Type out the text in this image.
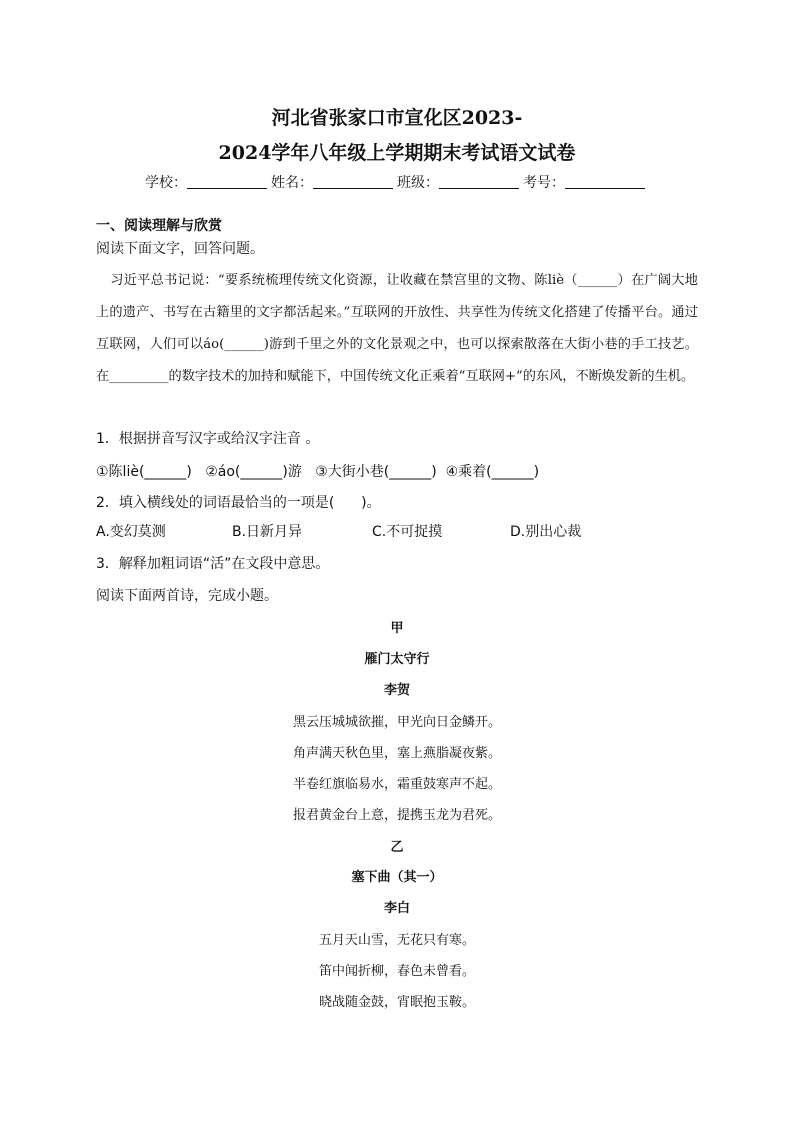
河北省张家口市宣化区2023-
2024学年八年级上学期期末考试语文试卷
学校：	姓名：	班级：	考号：
一、阅读理解与欣赏
阅读下面文字，回答问题。
习近平总书记说：“要系统梳理传统文化资源，让收藏在禁宫里的文物、陈liè（______）在广阔大地上的遗产、书写在古籍里的文字都活起来。”互联网的开放性、共享性为传统文化搭建了传播平台。通过互联网，人们可以áo(______)游到千里之外的文化景观之中，也可以探索散落在大街小巷的手工技艺。在_________的数字技术的加持和赋能下，中国传统文化正乘着“互联网+”的东风，不断焕发新的生机。
1．根据拼音写汉字或给汉字注音 。
①陈liè(______) ②áo(______)游 ③大街小巷(______) ④乘着(______)
2．填入横线处的词语最恰当的一项是(      )。
A.变幻莫测	B.日新月异	C.不可捉摸	D.别出心裁
3．解释加粗词语“活”在文段中意思。
阅读下面两首诗，完成小题。
甲
雁门太守行
李贺
黑云压城城欲摧，甲光向日金鳞开。
角声满天秋色里，塞上燕脂凝夜紫。
半卷红旗临易水，霜重鼓寒声不起。
报君黄金台上意，提携玉龙为君死。
乙
塞下曲（其一）
李白
五月天山雪，无花只有寒。
笛中闻折柳，春色未曾看。
晓战随金鼓，宵眠抱玉鞍。
